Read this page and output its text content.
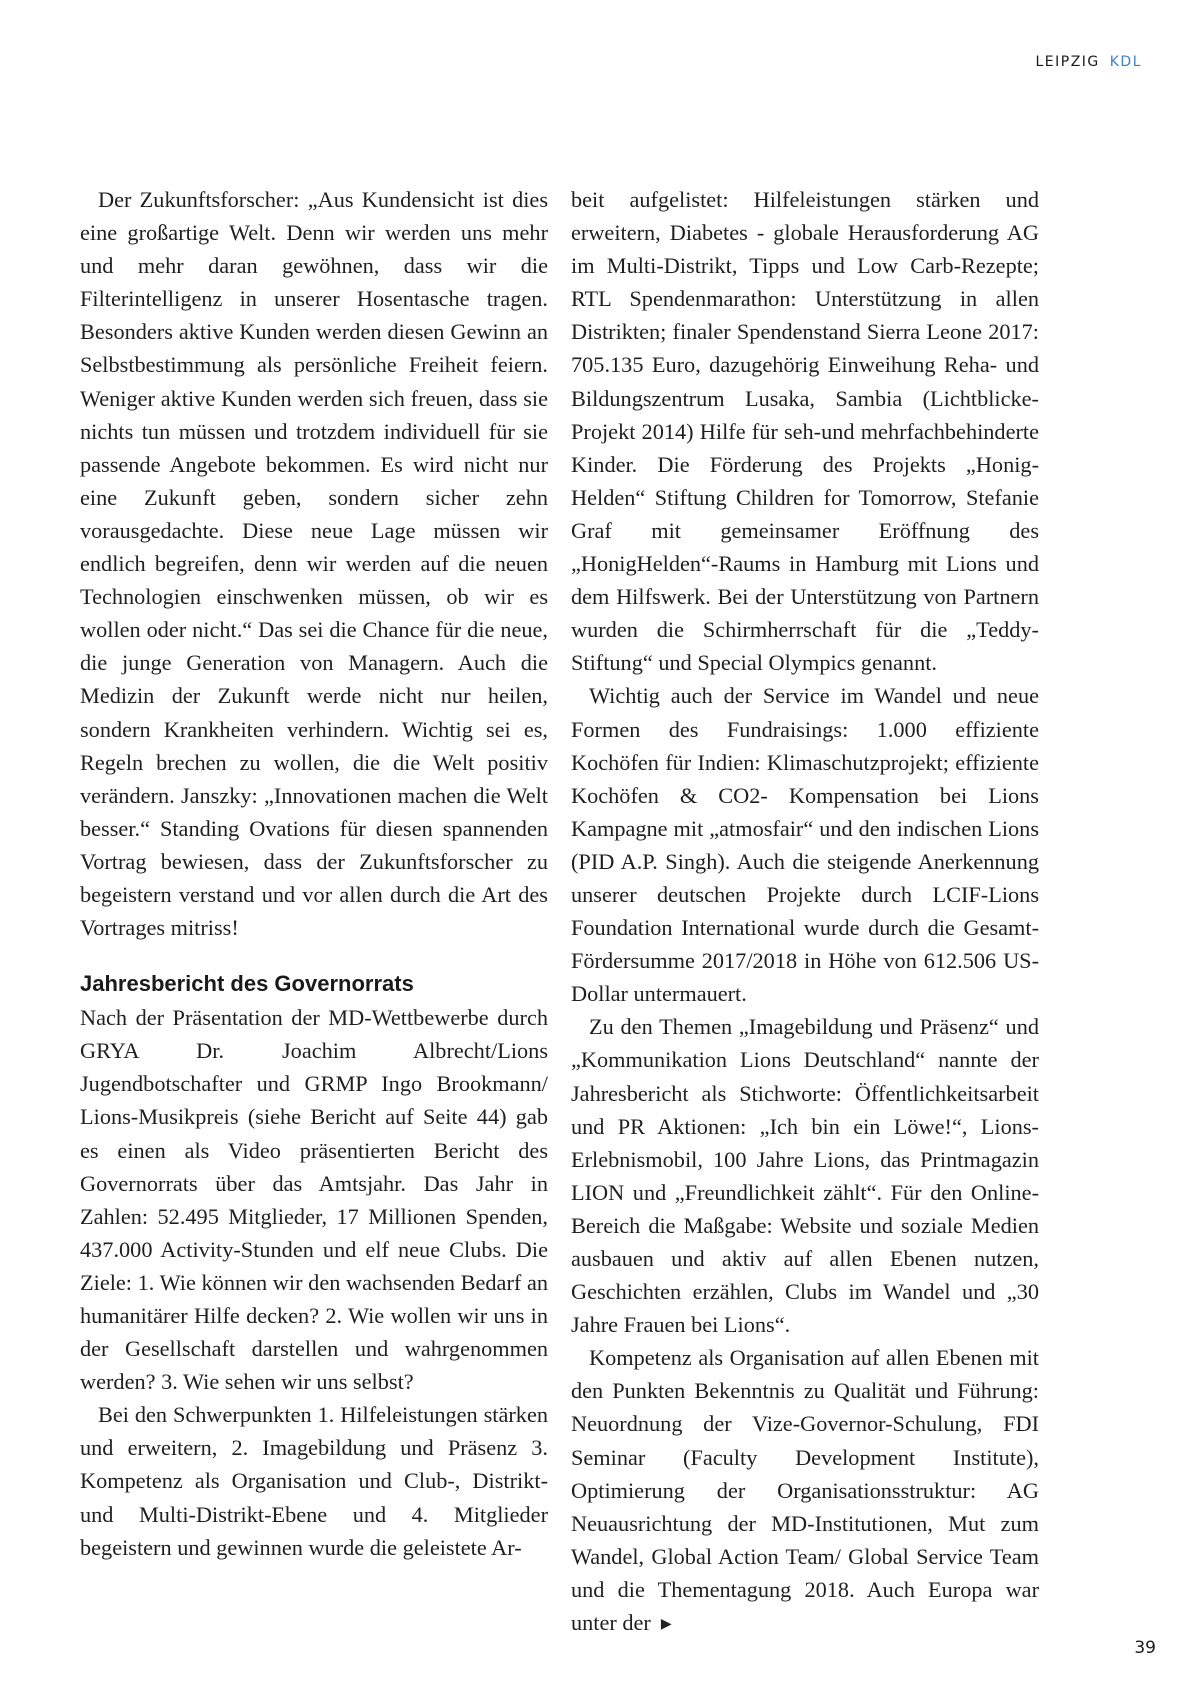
LEIPZIG KDL

Der Zukunftsforscher: „Aus Kundensicht ist dies eine großartige Welt. Denn wir werden uns mehr und mehr daran gewöhnen, dass wir die Filterintelligenz in unserer Hosentasche tragen. Besonders aktive Kunden werden diesen Gewinn an Selbstbestimmung als persönliche Freiheit feiern. Weniger aktive Kunden werden sich freuen, dass sie nichts tun müssen und trotzdem individuell für sie passende Angebote bekommen. Es wird nicht nur eine Zukunft geben, sondern sicher zehn vorausgedachte. Diese neue Lage müssen wir endlich begreifen, denn wir werden auf die neuen Technologien einschwenken müssen, ob wir es wollen oder nicht.“ Das sei die Chance für die neue, die junge Generation von Managern. Auch die Medizin der Zukunft werde nicht nur heilen, sondern Krankheiten verhindern. Wichtig sei es, Regeln brechen zu wollen, die die Welt positiv verändern. Janszky: „Innovationen machen die Welt besser.“ Standing Ovations für diesen spannenden Vortrag bewiesen, dass der Zukunftsforscher zu begeistern verstand und vor allen durch die Art des Vortrages mitriss!

Jahresbericht des Governorrats

Nach der Präsentation der MD-Wettbewerbe durch GRYA Dr. Joachim Albrecht/Lions Jugendbotschafter und GRMP Ingo Brookmann/ Lions-Musikpreis (siehe Bericht auf Seite 44) gab es einen als Video präsentierten Bericht des Governorrats über das Amtsjahr. Das Jahr in Zahlen: 52.495 Mitglieder, 17 Millionen Spenden, 437.000 Activity-Stunden und elf neue Clubs. Die Ziele: 1. Wie können wir den wachsenden Bedarf an humanitärer Hilfe decken? 2. Wie wollen wir uns in der Gesellschaft darstellen und wahrgenommen werden? 3. Wie sehen wir uns selbst?

Bei den Schwerpunkten 1. Hilfeleistungen stärken und erweitern, 2. Imagebildung und Präsenz 3. Kompetenz als Organisation und Club-, Distrikt-und Multi-Distrikt-Ebene und 4. Mitglieder begeistern und gewinnen wurde die geleistete Ar-

beit aufgelistet: Hilfeleistungen stärken und erweitern, Diabetes - globale Herausforderung AG im Multi-Distrikt, Tipps und Low Carb-Rezepte; RTL Spendenmarathon: Unterstützung in allen Distrikten; finaler Spendenstand Sierra Leone 2017: 705.135 Euro, dazugehörig Einweihung Reha- und Bildungszentrum Lusaka, Sambia (Lichtblicke-Projekt 2014) Hilfe für seh-und mehrfachbehinderte Kinder. Die Förderung des Projekts „Honig-Helden“ Stiftung Children for Tomorrow, Stefanie Graf mit gemeinsamer Eröffnung des „HonigHelden“-Raums in Hamburg mit Lions und dem Hilfswerk. Bei der Unterstützung von Partnern wurden die Schirmherrschaft für die „Teddy-Stiftung“ und Special Olympics genannt.

Wichtig auch der Service im Wandel und neue Formen des Fundraisings: 1.000 effiziente Kochöfen für Indien: Klimaschutzprojekt; effiziente Kochöfen & CO2- Kompensation bei Lions Kampagne mit „atmosfair“ und den indischen Lions (PID A.P. Singh). Auch die steigende Anerkennung unserer deutschen Projekte durch LCIF-Lions Foundation International wurde durch die Gesamt-Fördersumme 2017/2018 in Höhe von 612.506 US-Dollar untermauert.

Zu den Themen „Imagebildung und Präsenz“ und „Kommunikation Lions Deutschland“ nannte der Jahresbericht als Stichworte: Öffentlichkeitsarbeit und PR Aktionen: „Ich bin ein Löwe!“, Lions-Erlebnismobil, 100 Jahre Lions, das Printmagazin LION und „Freundlichkeit zählt“. Für den Online-Bereich die Maßgabe: Website und soziale Medien ausbauen und aktiv auf allen Ebenen nutzen, Geschichten erzählen, Clubs im Wandel und „30 Jahre Frauen bei Lions“.

Kompetenz als Organisation auf allen Ebenen mit den Punkten Bekenntnis zu Qualität und Führung: Neuordnung der Vize-Governor-Schulung, FDI Seminar (Faculty Development Institute), Optimierung der Organisationsstruktur: AG Neuausrichtung der MD-Institutionen, Mut zum Wandel, Global Action Team/ Global Service Team und die Thementagung 2018. Auch Europa war unter der ▶

39
